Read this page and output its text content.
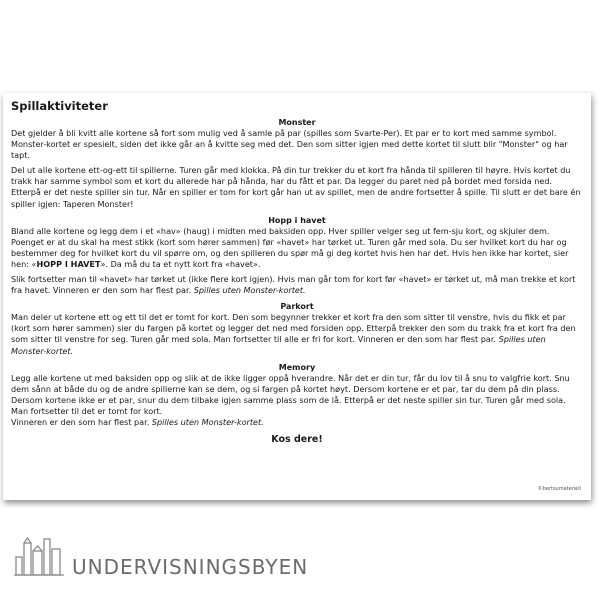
Spillaktiviteter
Monster

Det gjelder å bli kvitt alle kortene så fort som mulig ved å samle på par (spilles som Svarte-Per). Et par er to kort med samme symbol. Monster-kortet er spesielt, siden det ikke går an å kvitte seg med det. Den som sitter igjen med dette kortet til slutt blir "Monster" og har tapt.

Del ut alle kortene ett-og-ett til spillerne. Turen går med klokka. På din tur trekker du et kort fra hånda til spilleren til høyre. Hvis kortet du trakk har samme symbol som et kort du allerede har på hånda, har du fått et par. Da legger du paret ned på bordet med forsida ned. Etterpå er det neste spiller sin tur. Når en spiller er tom for kort går han ut av spillet, men de andre fortsetter å spille. Til slutt er det bare én spiller igjen: Taperen Monster!

Hopp i havet

Bland alle kortene og legg dem i et «hav» (haug) i midten med baksiden opp. Hver spiller velger seg ut fem-sju kort, og skjuler dem. Poenget er at du skal ha mest stikk (kort som hører sammen) før «havet» har tørket ut. Turen går med sola. Du ser hvilket kort du har og bestemmer deg for hvilket kort du vil spørre om, og den spilleren du spør må gi deg kortet hvis hen har det. Hvis hen ikke har kortet, sier hen: «HOPP I HAVET». Da må du ta et nytt kort fra «havet».

Slik fortsetter man til «havet» har tørket ut (ikke flere kort igjen). Hvis man går tom for kort før «havet» er tørket ut, må man trekke et kort fra havet. Vinneren er den som har flest par. Spilles uten Monster-kortet.

Parkort

Man deler ut kortene ett og ett til det er tomt for kort. Den som begynner trekker et kort fra den som sitter til venstre, hvis du fikk et par (kort som hører sammen) sier du fargen på kortet og legger det ned med forsiden opp. Etterpå trekker den som du trakk fra et kort fra den som sitter til venstre for seg. Turen går med sola. Man fortsetter til alle er fri for kort. Vinneren er den som har flest par. Spilles uten Monster-kortet.

Memory

Legg alle kortene ut med baksiden opp og slik at de ikke ligger oppå hverandre. Når det er din tur, får du lov til å snu to valgfrie kort. Snu dem sånn at både du og de andre spillerne kan se dem, og si fargen på kortet høyt. Dersom kortene er et par, tar du dem på din plass. Dersom kortene ikke er et par, snur du dem tilbake igjen samme plass som de lå. Etterpå er det neste spiller sin tur. Turen går med sola. Man fortsetter til det er tomt for kort.

Vinneren er den som har flest par. Spilles uten Monster-kortet.

Kos dere!
©bertsumateriell
UNDERVISNINGSBYEN
